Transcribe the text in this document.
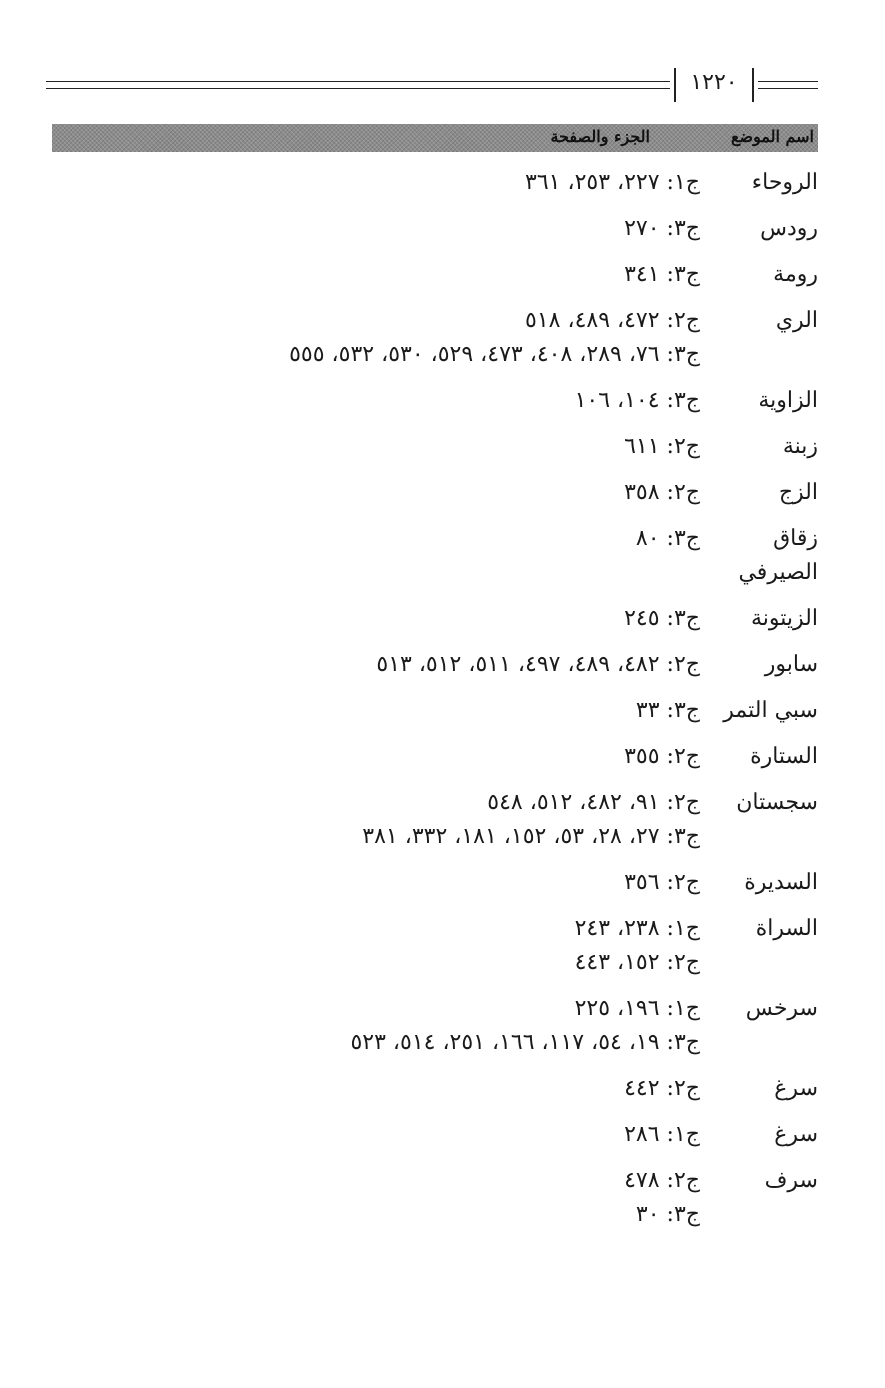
١٢٢٠
اسم الموضع
الجزء والصفحة
الروحاء
ج١: ٢٢٧، ٢٥٣، ٣٦١
رودس
ج٣: ٢٧٠
رومة
ج٣: ٣٤١
الري
ج٢: ٤٧٢، ٤٨٩، ٥١٨
ج٣: ٧٦، ٢٨٩، ٤٠٨، ٤٧٣، ٥٢٩، ٥٣٠، ٥٣٢، ٥٥٥
الزاوية
ج٣: ١٠٤، ١٠٦
زبنة
ج٢: ٦١١
الزج
ج٢: ٣٥٨
زقاق الصيرفي
ج٣: ٨٠
الزيتونة
ج٣: ٢٤٥
سابور
ج٢: ٤٨٢، ٤٨٩، ٤٩٧، ٥١١، ٥١٢، ٥١٣
سبي التمر
ج٣: ٣٣
الستارة
ج٢: ٣٥٥
سجستان
ج٢: ٩١، ٤٨٢، ٥١٢، ٥٤٨
ج٣: ٢٧، ٢٨، ٥٣، ١٥٢، ١٨١، ٣٣٢، ٣٨١
السديرة
ج٢: ٣٥٦
السراة
ج١: ٢٣٨، ٢٤٣
ج٢: ١٥٢، ٤٤٣
سرخس
ج١: ١٩٦، ٢٢٥
ج٣: ١٩، ٥٤، ١١٧، ١٦٦، ٢٥١، ٥١٤، ٥٢٣
سرغ
ج٢: ٤٤٢
سرغ
ج١: ٢٨٦
سرف
ج٢: ٤٧٨
ج٣: ٣٠
